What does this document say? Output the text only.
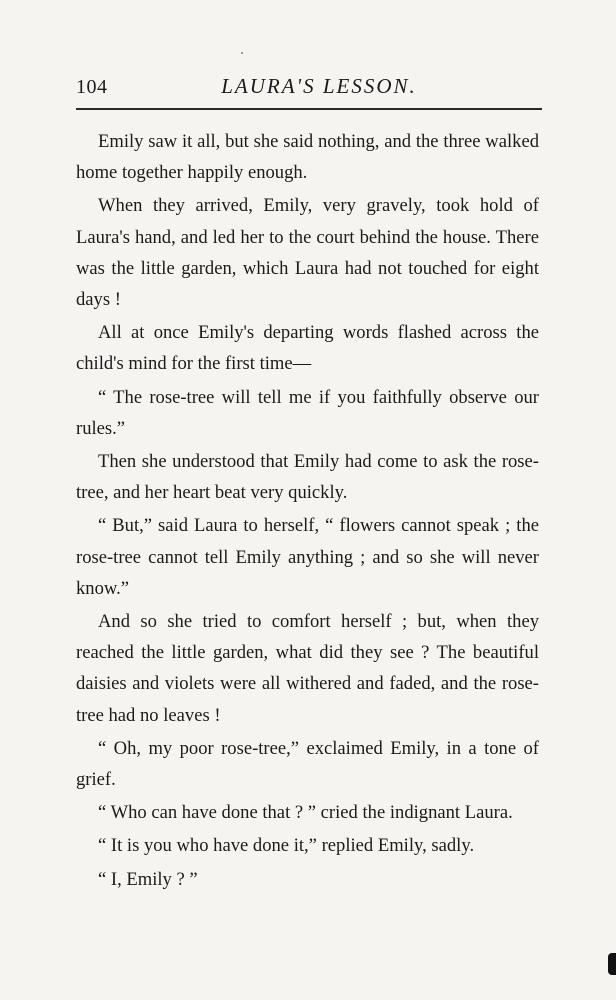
104	LAURA'S LESSON.

Emily saw it all, but she said nothing, and the three walked home together happily enough.

When they arrived, Emily, very gravely, took hold of Laura's hand, and led her to the court behind the house. There was the little garden, which Laura had not touched for eight days !

All at once Emily's departing words flashed across the child's mind for the first time—

“ The rose-tree will tell me if you faithfully observe our rules.”

Then she understood that Emily had come to ask the rose-tree, and her heart beat very quickly.

“ But,” said Laura to herself, “ flowers cannot speak ; the rose-tree cannot tell Emily anything ; and so she will never know.”

And so she tried to comfort herself ; but, when they reached the little garden, what did they see ? The beautiful daisies and violets were all withered and faded, and the rose-tree had no leaves !

“ Oh, my poor rose-tree,” exclaimed Emily, in a tone of grief.

“ Who can have done that ? ” cried the indignant Laura.

“ It is you who have done it,” replied Emily, sadly.

“ I, Emily ? ”
